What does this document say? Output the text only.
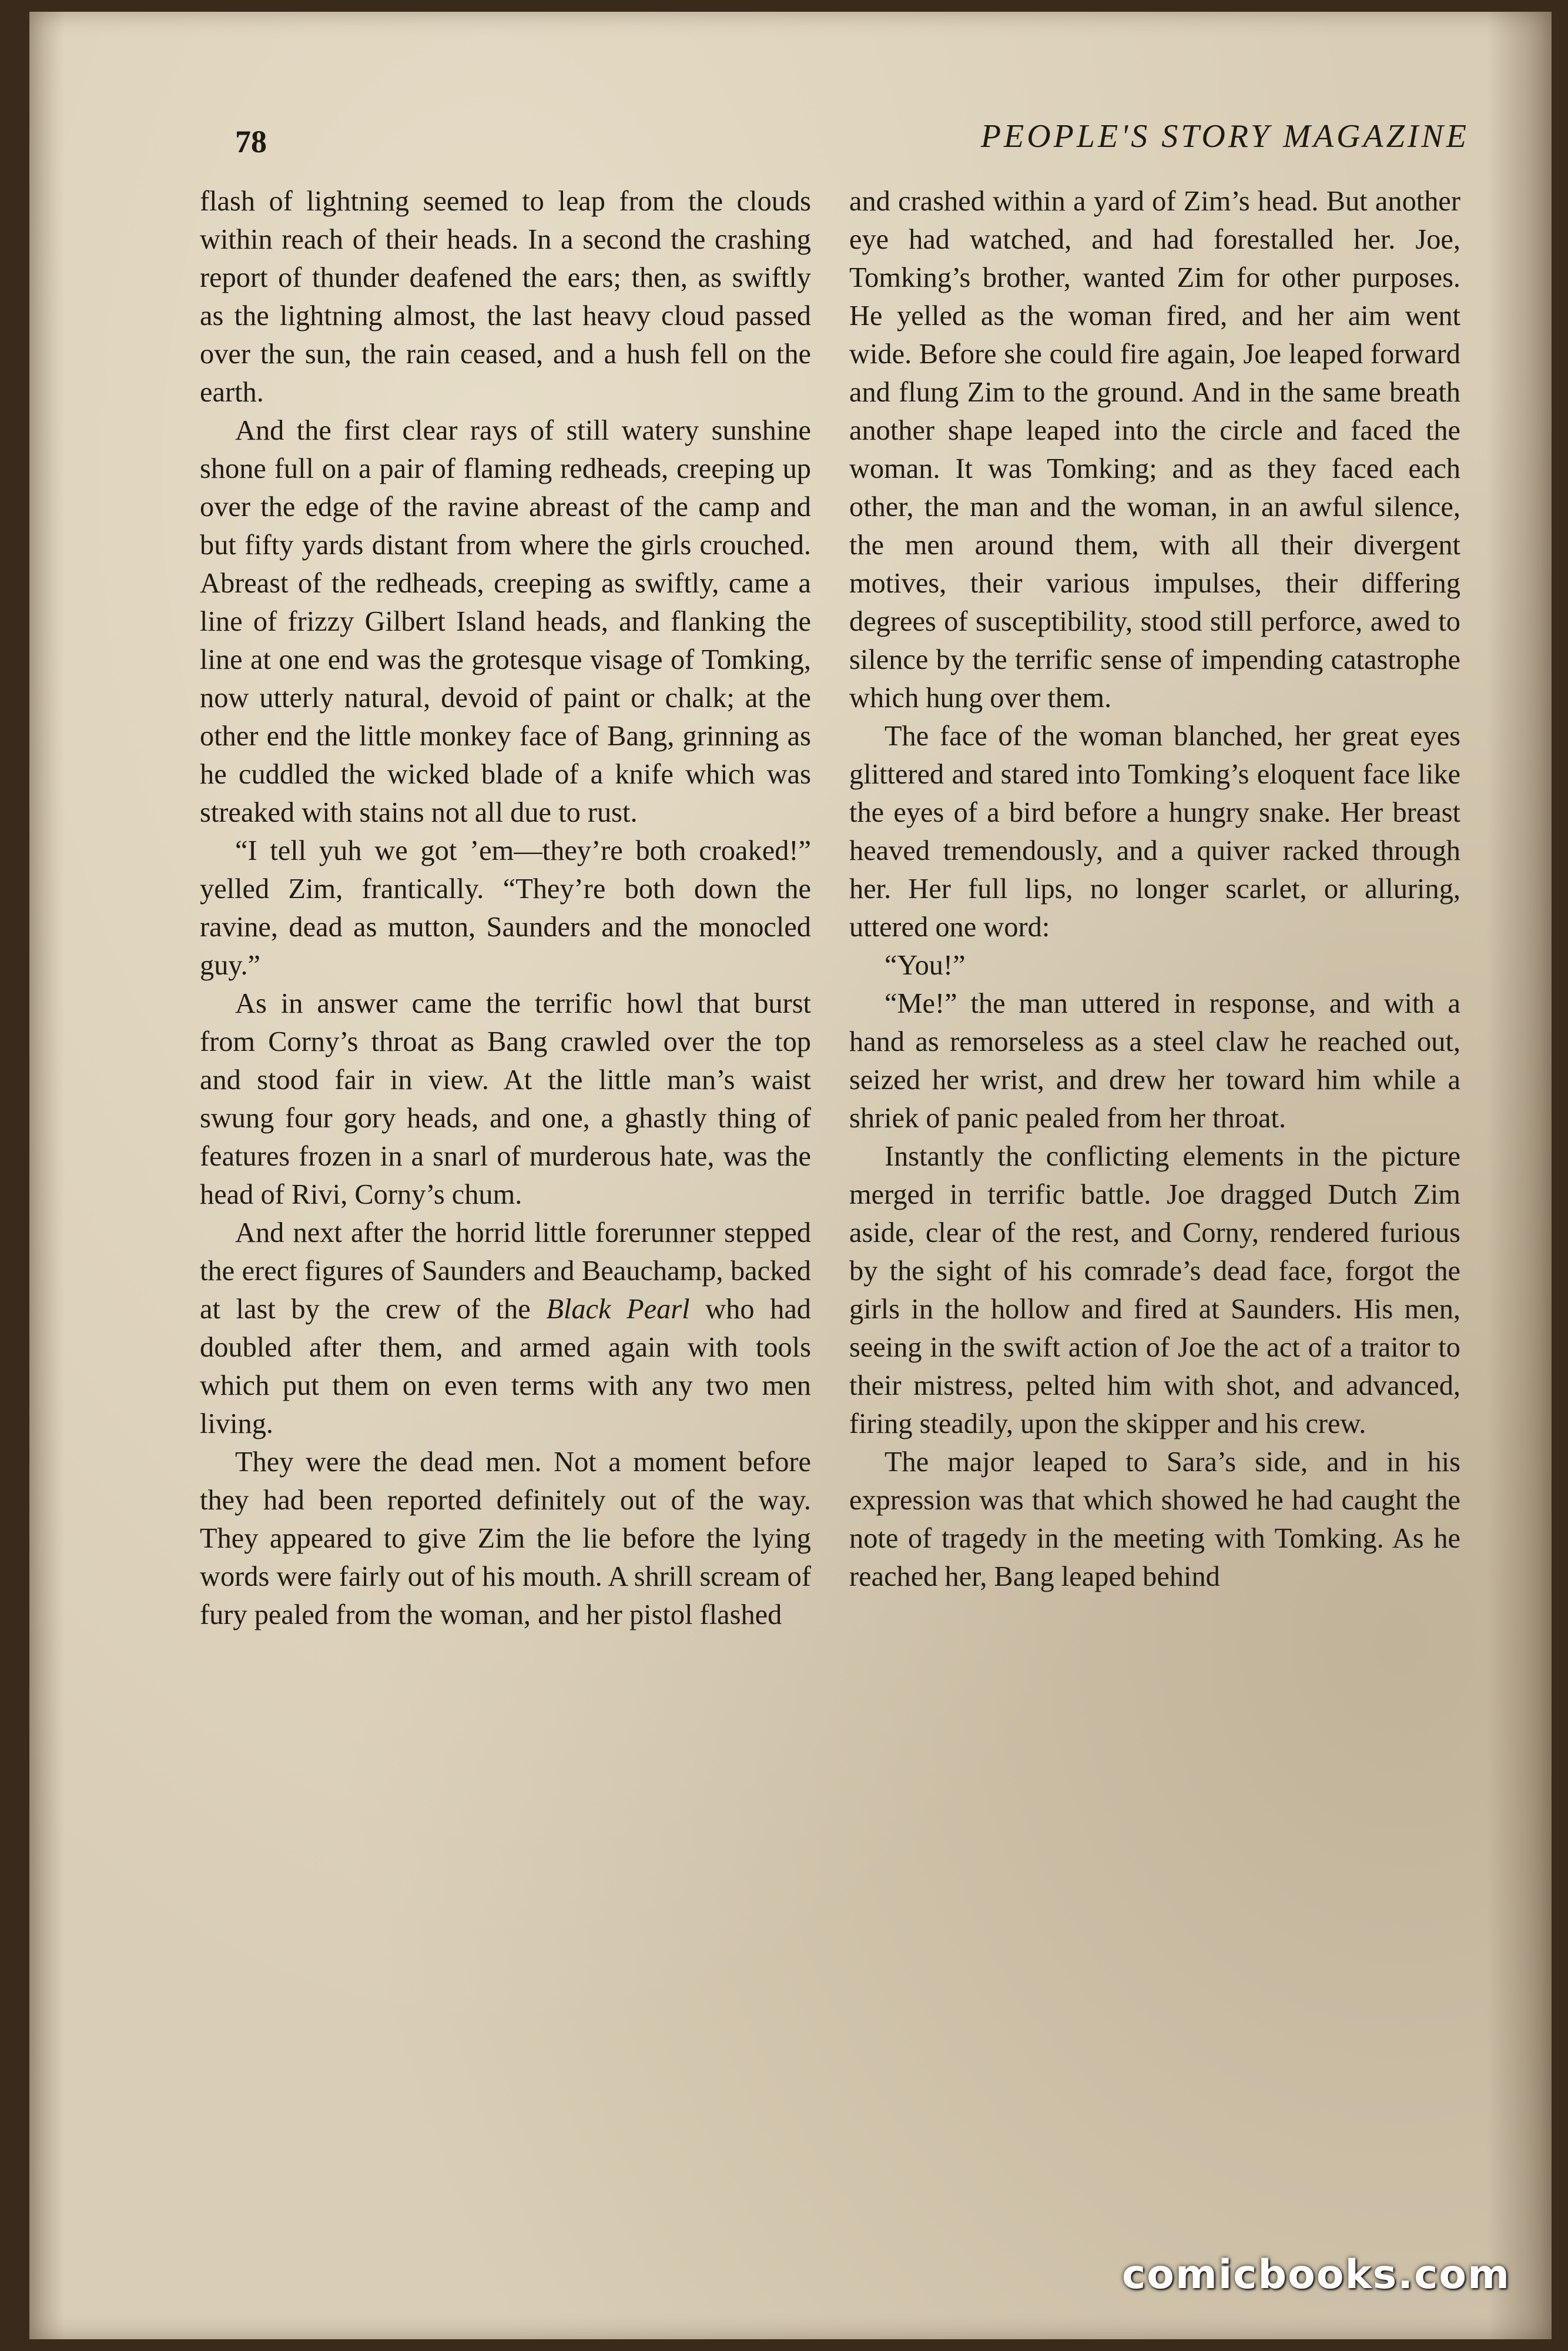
78	PEOPLE'S STORY MAGAZINE

flash of lightning seemed to leap from the clouds within reach of their heads. In a second the crashing report of thunder deafened the ears; then, as swiftly as the lightning almost, the last heavy cloud passed over the sun, the rain ceased, and a hush fell on the earth.

And the first clear rays of still watery sunshine shone full on a pair of flaming redheads, creeping up over the edge of the ravine abreast of the camp and but fifty yards distant from where the girls crouched. Abreast of the redheads, creeping as swiftly, came a line of frizzy Gilbert Island heads, and flanking the line at one end was the grotesque visage of Tomking, now utterly natural, devoid of paint or chalk; at the other end the little monkey face of Bang, grinning as he cuddled the wicked blade of a knife which was streaked with stains not all due to rust.

“I tell yuh we got ’em—they’re both croaked!” yelled Zim, frantically. “They’re both down the ravine, dead as mutton, Saunders and the monocled guy.”

As in answer came the terrific howl that burst from Corny’s throat as Bang crawled over the top and stood fair in view. At the little man’s waist swung four gory heads, and one, a ghastly thing of features frozen in a snarl of murderous hate, was the head of Rivi, Corny’s chum.

And next after the horrid little forerunner stepped the erect figures of Saunders and Beauchamp, backed at last by the crew of the Black Pearl who had doubled after them, and armed again with tools which put them on even terms with any two men living.

They were the dead men. Not a moment before they had been reported definitely out of the way. They appeared to give Zim the lie before the lying words were fairly out of his mouth. A shrill scream of fury pealed from the woman, and her pistol flashed

and crashed within a yard of Zim’s head. But another eye had watched, and had forestalled her. Joe, Tomking’s brother, wanted Zim for other purposes. He yelled as the woman fired, and her aim went wide. Before she could fire again, Joe leaped forward and flung Zim to the ground. And in the same breath another shape leaped into the circle and faced the woman. It was Tomking; and as they faced each other, the man and the woman, in an awful silence, the men around them, with all their divergent motives, their various impulses, their differing degrees of susceptibility, stood still perforce, awed to silence by the terrific sense of impending catastrophe which hung over them.

The face of the woman blanched, her great eyes glittered and stared into Tomking’s eloquent face like the eyes of a bird before a hungry snake. Her breast heaved tremendously, and a quiver racked through her. Her full lips, no longer scarlet, or alluring, uttered one word:

“You!”

“Me!” the man uttered in response, and with a hand as remorseless as a steel claw he reached out, seized her wrist, and drew her toward him while a shriek of panic pealed from her throat.

Instantly the conflicting elements in the picture merged in terrific battle. Joe dragged Dutch Zim aside, clear of the rest, and Corny, rendered furious by the sight of his comrade’s dead face, forgot the girls in the hollow and fired at Saunders. His men, seeing in the swift action of Joe the act of a traitor to their mistress, pelted him with shot, and advanced, firing steadily, upon the skipper and his crew.

The major leaped to Sara’s side, and in his expression was that which showed he had caught the note of tragedy in the meeting with Tomking. As he reached her, Bang leaped behind

comicbooks.com
